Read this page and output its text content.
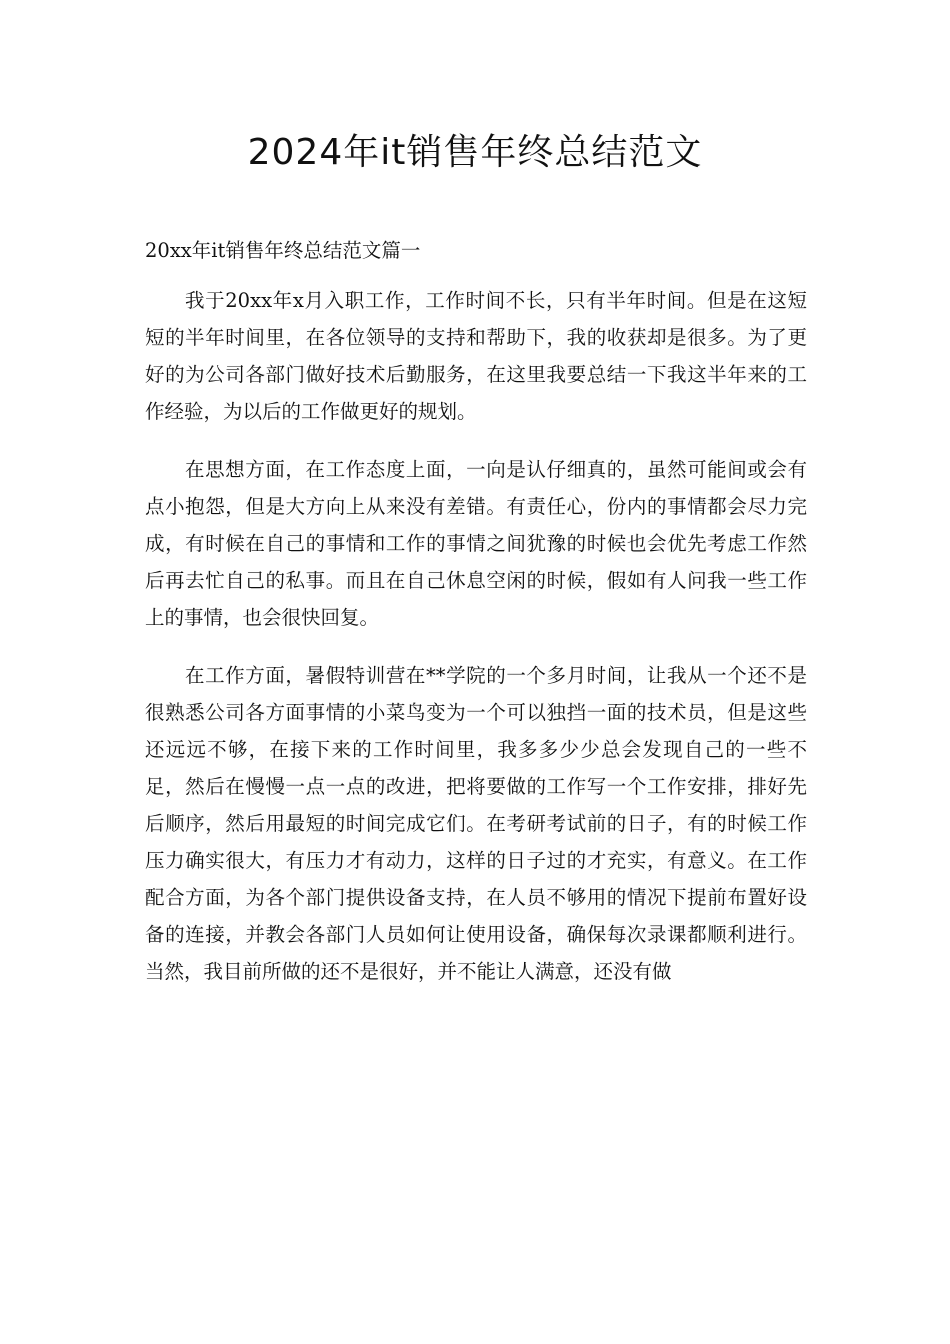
2024年it销售年终总结范文

20xx年it销售年终总结范文篇一

我于20xx年x月入职工作，工作时间不长，只有半年时间。但是在这短短的半年时间里，在各位领导的支持和帮助下，我的收获却是很多。为了更好的为公司各部门做好技术后勤服务，在这里我要总结一下我这半年来的工作经验，为以后的工作做更好的规划。

在思想方面，在工作态度上面，一向是认仔细真的，虽然可能间或会有点小抱怨，但是大方向上从来没有差错。有责任心，份内的事情都会尽力完成，有时候在自己的事情和工作的事情之间犹豫的时候也会优先考虑工作然后再去忙自己的私事。而且在自己休息空闲的时候，假如有人问我一些工作上的事情，也会很快回复。

在工作方面，暑假特训营在**学院的一个多月时间，让我从一个还不是很熟悉公司各方面事情的小菜鸟变为一个可以独挡一面的技术员，但是这些还远远不够，在接下来的工作时间里，我多多少少总会发现自己的一些不足，然后在慢慢一点一点的改进，把将要做的工作写一个工作安排，排好先后顺序，然后用最短的时间完成它们。在考研考试前的日子，有的时候工作压力确实很大，有压力才有动力，这样的日子过的才充实，有意义。在工作配合方面，为各个部门提供设备支持，在人员不够用的情况下提前布置好设备的连接，并教会各部门人员如何让使用设备，确保每次录课都顺利进行。当然，我目前所做的还不是很好，并不能让人满意，还没有做
